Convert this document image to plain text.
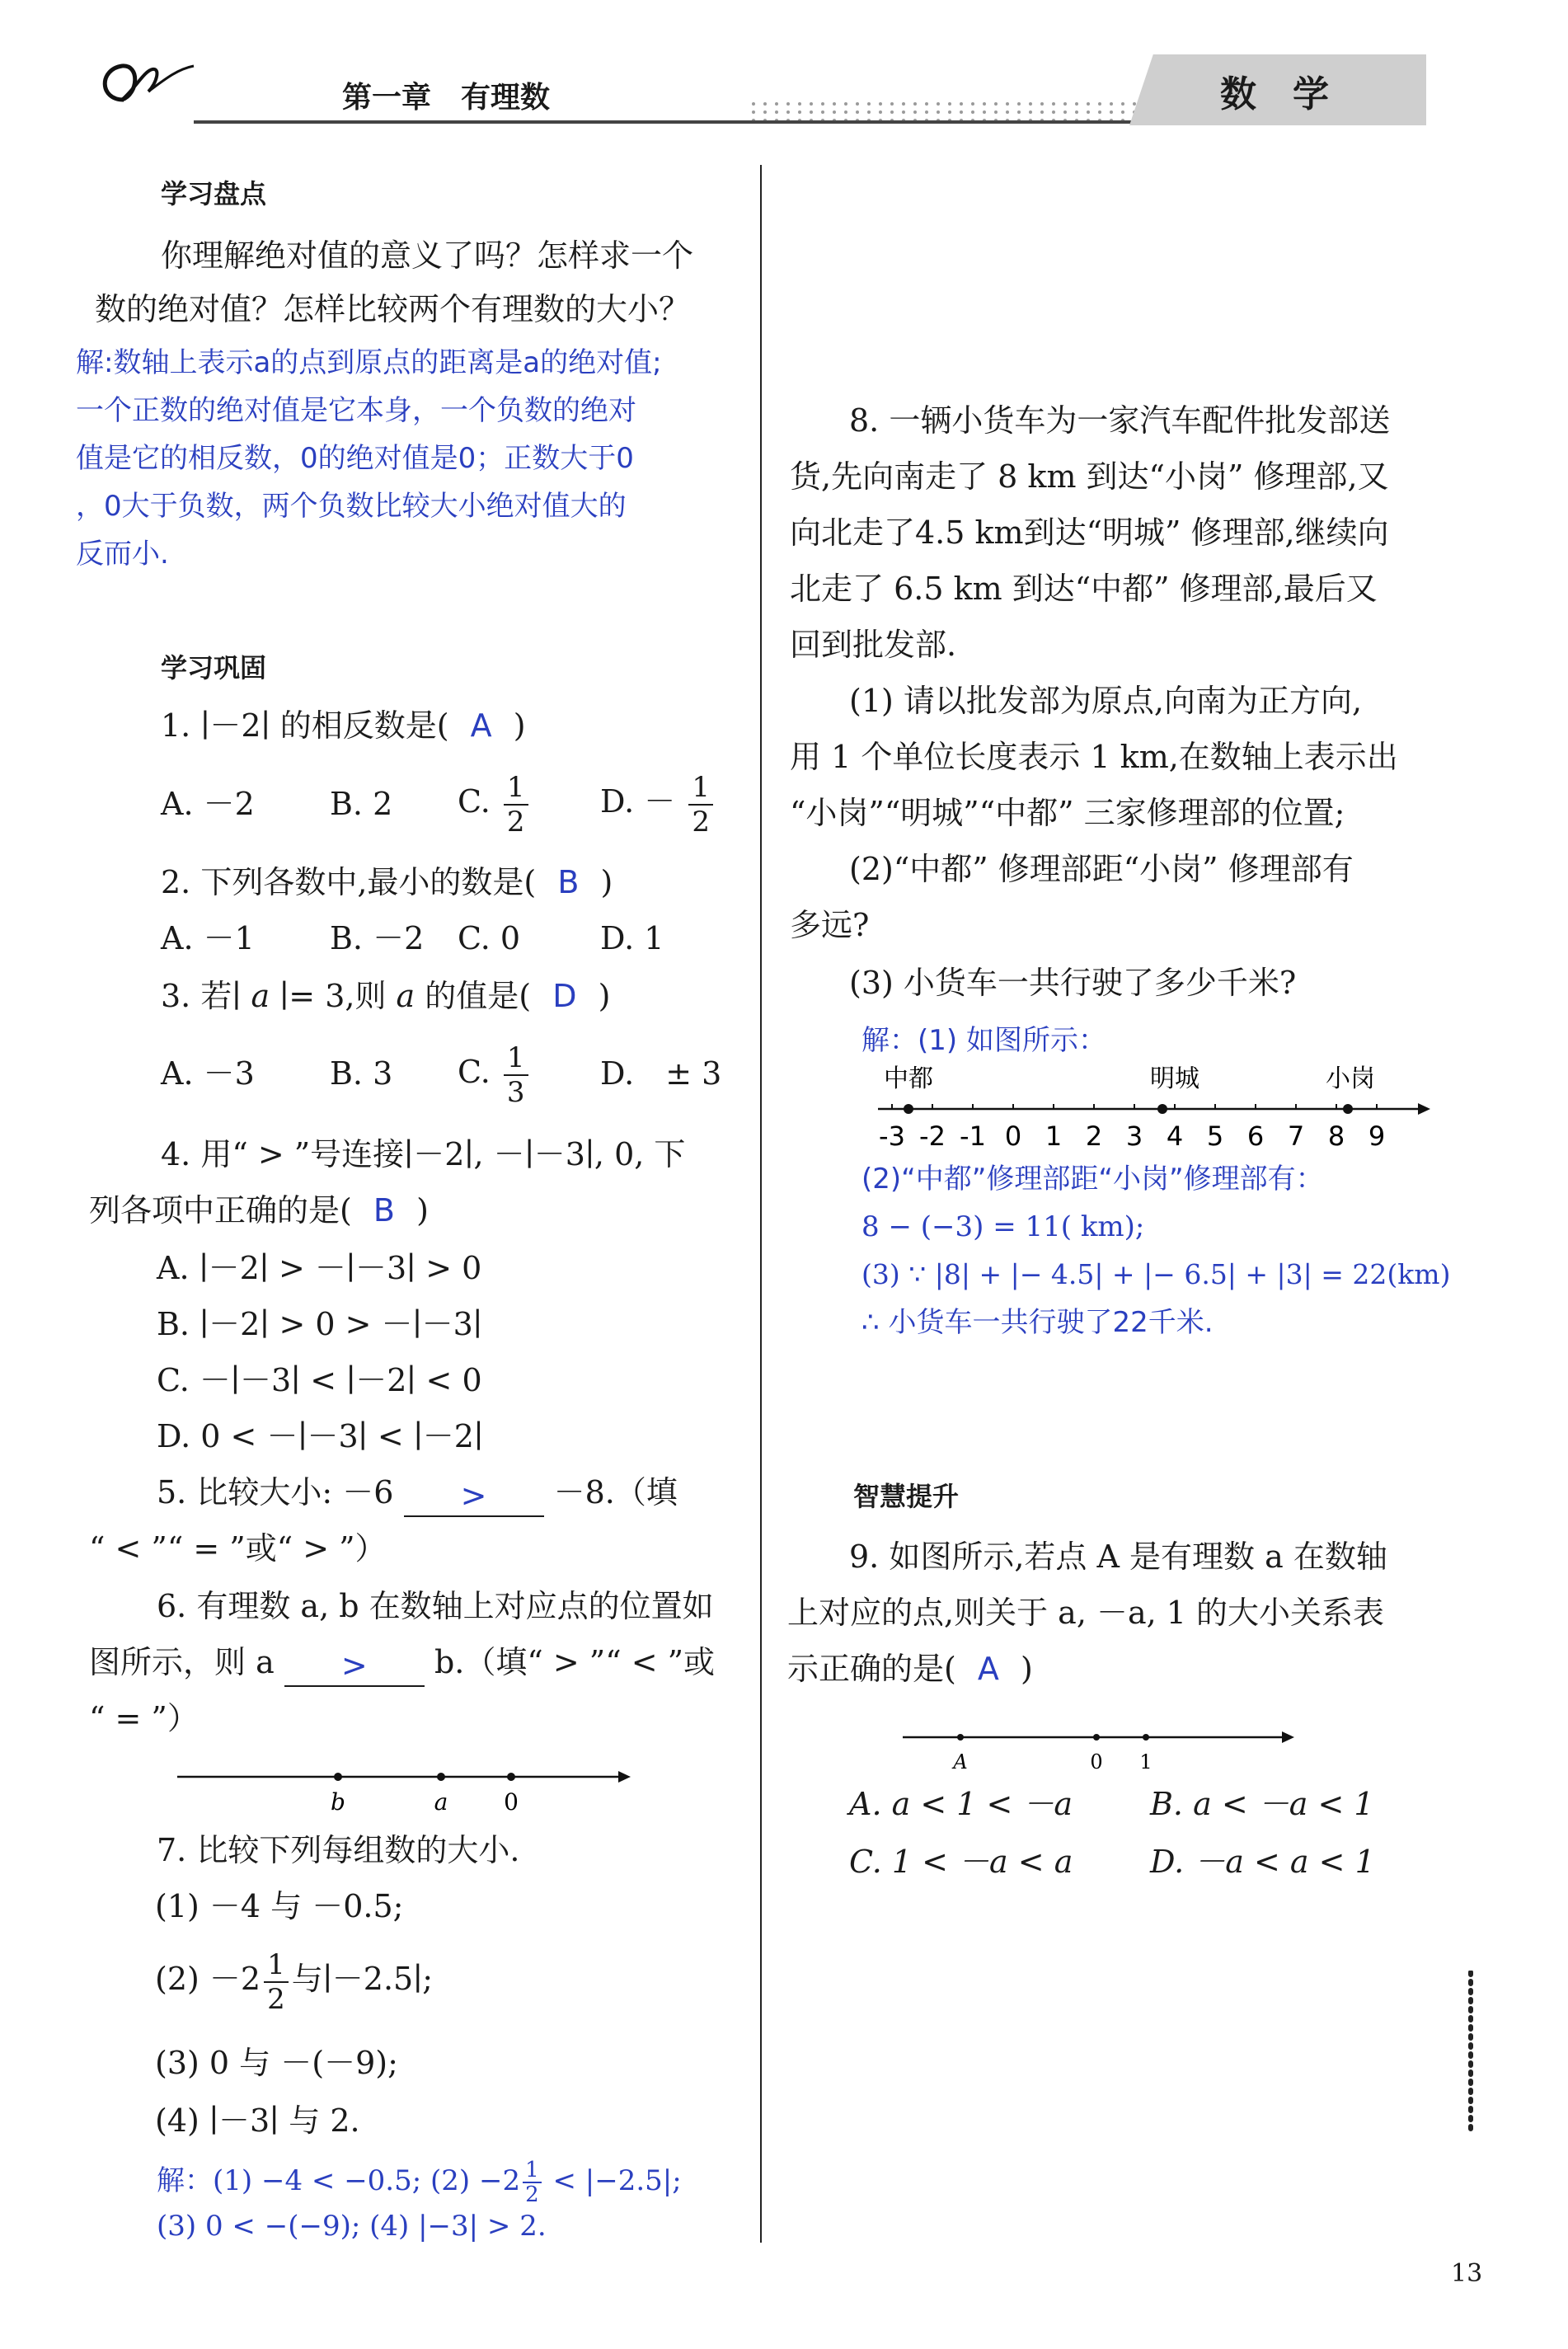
第一章　有理数	数　学
学习盘点
你理解绝对值的意义了吗？怎样求一个
数的绝对值？怎样比较两个有理数的大小？
解:数轴上表示a的点到原点的距离是a的绝对值;
一个正数的绝对值是它本身，一个负数的绝对
值是它的相反数，0的绝对值是0；正数大于0
，0大于负数，两个负数比较大小绝对值大的
反而小.
学习巩固
1. ∣－2∣ 的相反数是( A )
A. －2 B. 2 C. $\frac{1}{2} D$. － $\frac{1}{2}$
2. 下列各数中,最小的数是( B )
A. －1 B. －2 C. 0	D. 1
3. 若∣ a ∣= 3,则 a 的值是( D )
A. －3 B. 3 C. $\frac{1}{3} D$.　± 3
4. 用“ > ”号连接∣－2∣, －∣－3∣, 0, 下
列各项中正确的是( B )
A. ∣－2∣ > －∣－3∣ > 0
B. ∣－2∣ > 0 > －∣－3∣
C. －∣－3∣ < ∣－2∣ < 0
D. 0 < －∣－3∣ < ∣－2∣
5. 比较大小: －6 > －8.（填
“ < ”“ = ”或“ > ”）
6. 有理数 a, b 在数轴上对应点的位置如
图所示，则 a > b.（填“ > ”“ < ”或
“ = ”）
b	a 0
7. 比较下列每组数的大小.
(1) －4 与 －0.5;
$(2) -2 \frac{1}{2}$ 与∣－2.5∣;
(3) 0 与 －(－9);
(4) ∣－3∣ 与 2.
解：(1) −4 < −0.5; $(2) -2 \frac{1}{2} < |-2.5|$;
(3) 0 < −(−9); (4) |−3| > 2.
8. 一辆小货车为一家汽车配件批发部送
货,先向南走了 8 km 到达“小岗” 修理部,又
向北走了4.5 km到达“明城” 修理部,继续向
北走了 6.5 km 到达“中都” 修理部,最后又
回到批发部.
(1) 请以批发部为原点,向南为正方向,
用 1 个单位长度表示 1 km,在数轴上表示出
“小岗”“明城”“中都” 三家修理部的位置;
(2)“中都” 修理部距“小岗” 修理部有
多远?
(3) 小货车一共行驶了多少千米?
解：(1) 如图所示：
中都	明城	小岗
-3 -2 -1 0 1 2 3 4 5 6 7 8 9
(2)“中都”修理部距“小岗”修理部有：
8 − (−3) = 11( km);
(3) ∵ |8| + |− 4.5| + |− 6.5| + |3| = 22(km)
∴ 小货车一共行驶了22千米.
智慧提升
9. 如图所示,若点 A 是有理数 a 在数轴
上对应的点,则关于 a, －a, 1 的大小关系表
示正确的是( A )
A	0 1
A. a < 1 < －a B. a < －a < 1
C. 1 < －a < a D. －a < a < 1
13
